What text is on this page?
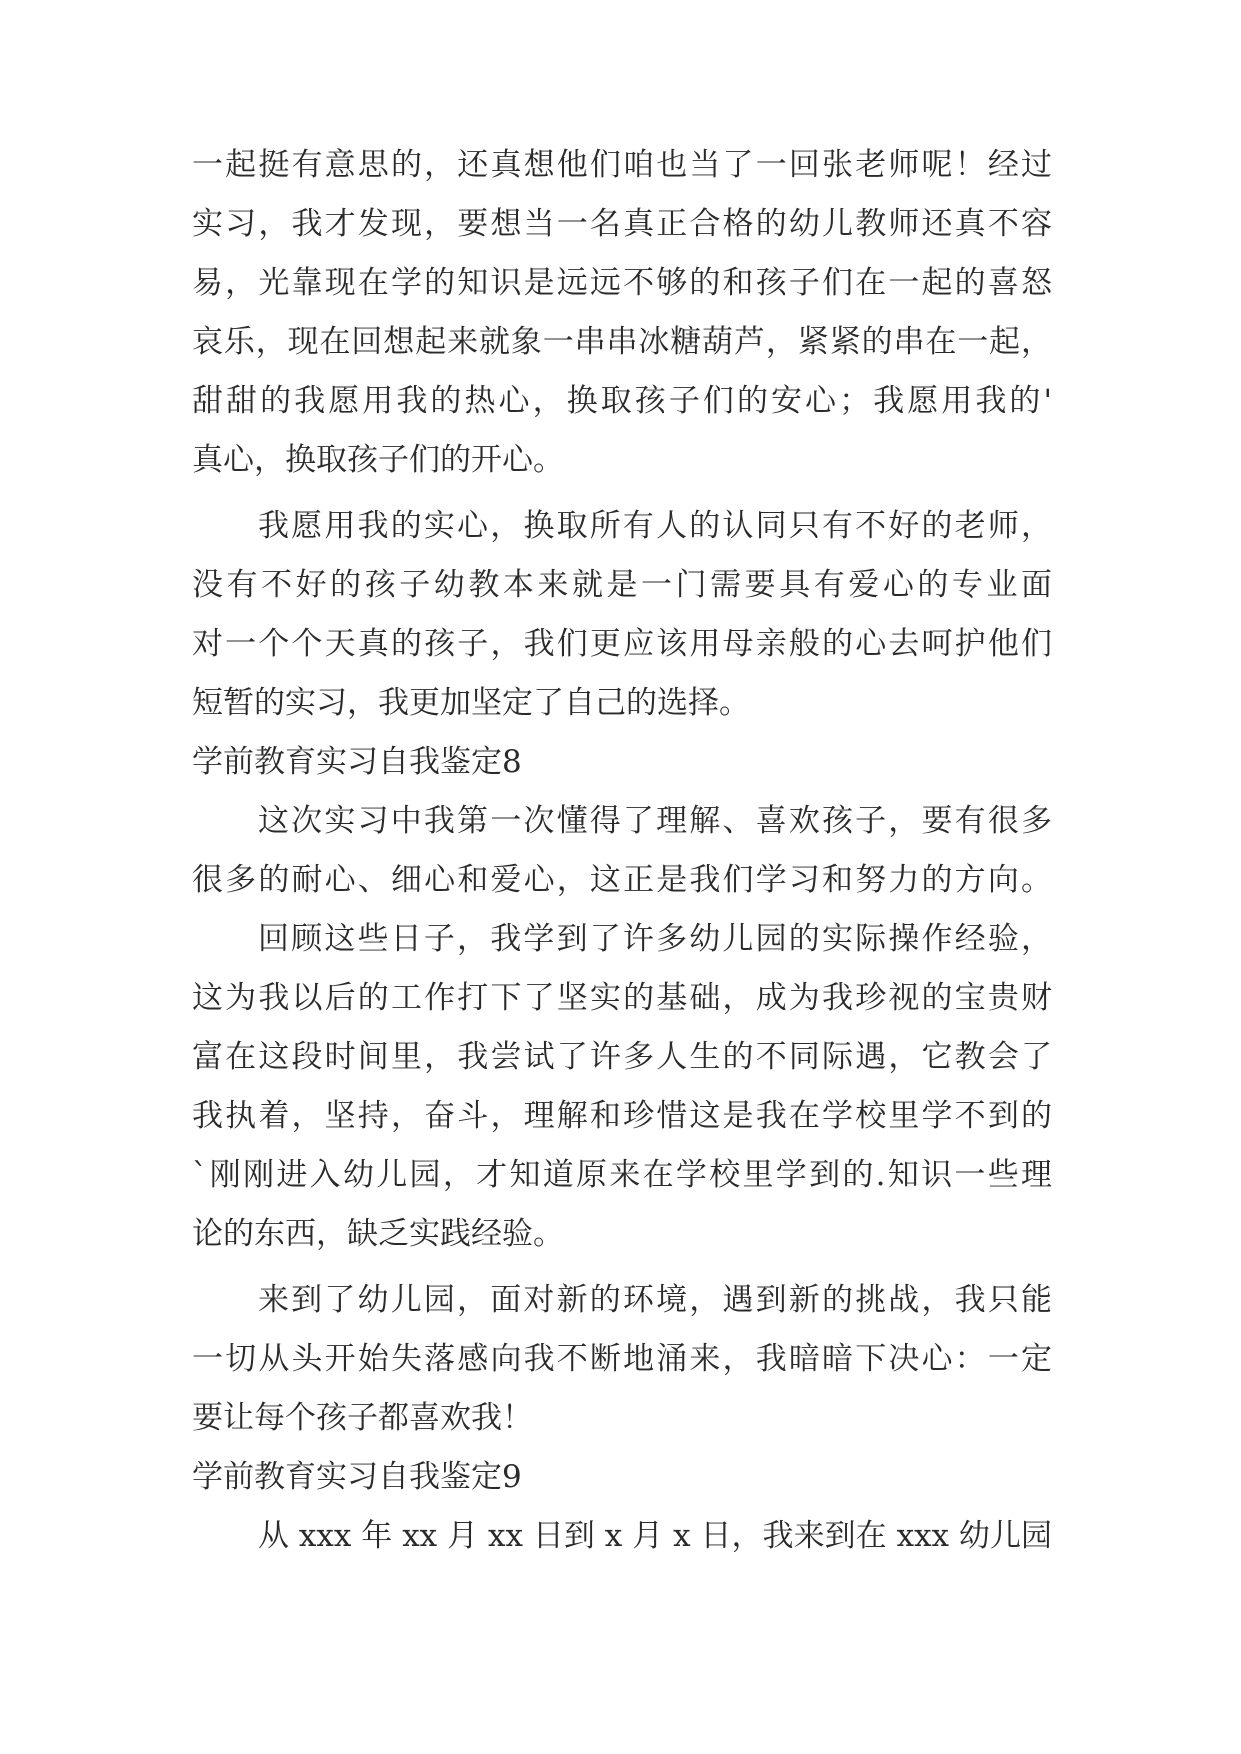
一起挺有意思的，还真想他们咱也当了一回张老师呢！经过
实习，我才发现，要想当一名真正合格的幼儿教师还真不容
易，光靠现在学的知识是远远不够的和孩子们在一起的喜怒
哀乐，现在回想起来就象一串串冰糖葫芦，紧紧的串在一起，
甜甜的我愿用我的热心，换取孩子们的安心；我愿用我的'
真心，换取孩子们的开心。
我愿用我的实心，换取所有人的认同只有不好的老师，
没有不好的孩子幼教本来就是一门需要具有爱心的专业面
对一个个天真的孩子，我们更应该用母亲般的心去呵护他们
短暂的实习，我更加坚定了自己的选择。
学前教育实习自我鉴定8
这次实习中我第一次懂得了理解、喜欢孩子，要有很多
很多的耐心、细心和爱心，这正是我们学习和努力的方向。
回顾这些日子，我学到了许多幼儿园的实际操作经验，
这为我以后的工作打下了坚实的基础，成为我珍视的宝贵财
富在这段时间里，我尝试了许多人生的不同际遇，它教会了
我执着，坚持，奋斗，理解和珍惜这是我在学校里学不到的
`刚刚进入幼儿园，才知道原来在学校里学到的.知识一些理
论的东西，缺乏实践经验。
来到了幼儿园，面对新的环境，遇到新的挑战，我只能
一切从头开始失落感向我不断地涌来，我暗暗下决心：一定
要让每个孩子都喜欢我！
学前教育实习自我鉴定9
从 xxx 年 xx 月 xx 日到 x 月 x 日，我来到在 xxx 幼儿园
